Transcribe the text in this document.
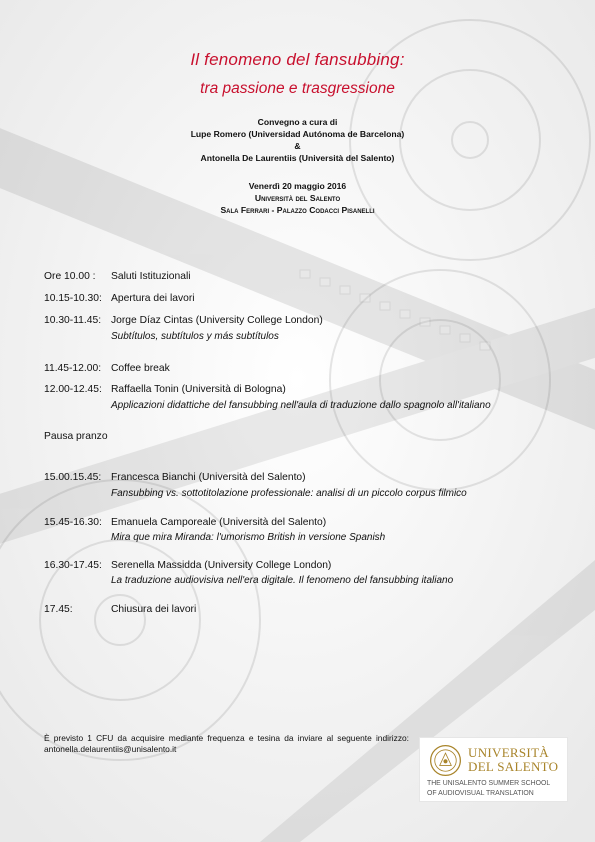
Il fenomeno del fansubbing:
tra passione e trasgressione
Convegno a cura di
Lupe Romero (Universidad Autónoma de Barcelona)
&
Antonella De Laurentiis (Università del Salento)
Venerdì 20 maggio 2016
Università del Salento
Sala Ferrari - Palazzo Codacci Pisanelli
Ore 10.00 : Saluti Istituzionali
10.15-10.30: Apertura dei lavori
10.30-11.45: Jorge Díaz Cintas (University College London)
Subtítulos, subtítulos y más subtítulos
11.45-12.00: Coffee break
12.00-12.45: Raffaella Tonin (Università di Bologna)
Applicazioni didattiche del fansubbing nell'aula di traduzione dallo spagnolo all'italiano
Pausa pranzo
15.00.15.45: Francesca Bianchi (Università del Salento)
Fansubbing vs. sottotitolazione professionale: analisi di un piccolo corpus filmico
15.45-16.30: Emanuela Camporeale (Università del Salento)
Mira que mira Miranda: l'umorismo British in versione Spanish
16.30-17.45: Serenella Massidda (University College London)
La traduzione audiovisiva nell'era digitale. Il fenomeno del fansubbing italiano
17.45:	Chiusura dei lavori
È previsto 1 CFU da acquisire mediante frequenza e tesina da inviare al seguente indirizzo: antonella.delaurentiis@unisalento.it	UNIVERSITÀ
DEL SALENTO
THE UNISALENTO SUMMER SCHOOL
OF AUDIOVISUAL TRANSLATION
